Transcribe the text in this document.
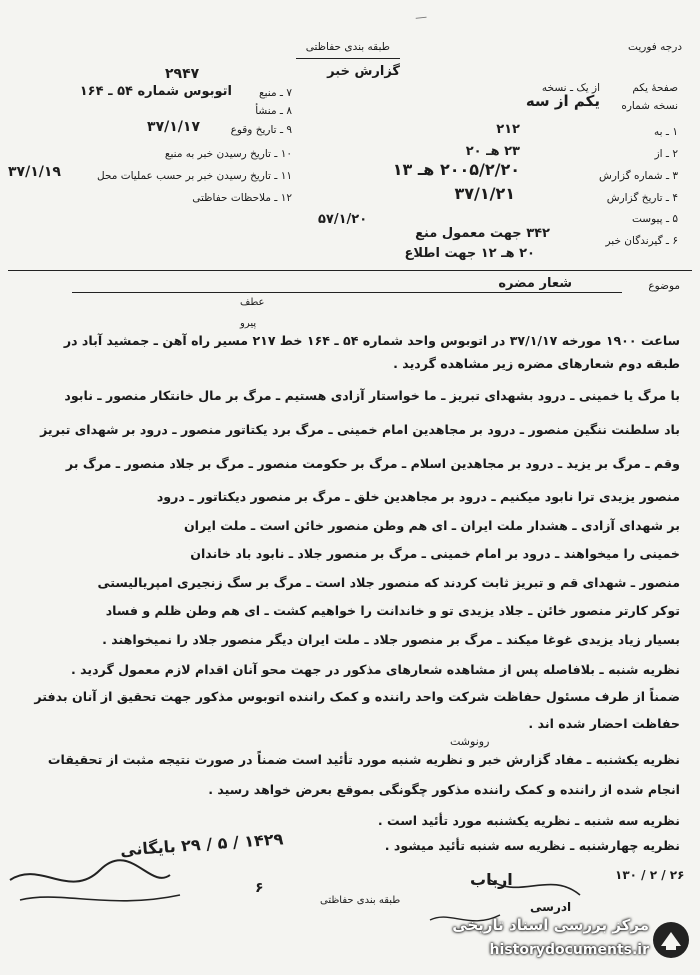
درجه فوریت
طبقه بندی حفاظتی
گزارش خبر
—
۲۹۴۷
۷ ـ منبع
اتوبوس شماره ۵۴ ـ ۱۶۴
۸ ـ منشأ
۹ ـ تاریخ وقوع
۳۷/۱/۱۷
۱۰ ـ تاریخ رسیدن خبر به منبع
۱۱ ـ تاریخ رسیدن خبر بر حسب عملیات محل
۳۷/۱/۱۹
۱۲ ـ ملاحظات حفاظتی
صفحهٔ یکم
از یک ـ نسخه
نسخه شماره
یکم از سه
۱ ـ به
۲۱۲
۲ ـ از
۲۳ هـ ۲۰
۳ ـ شماره گزارش
۲۰۰۵/۲/۲۰ هـ ۱۳
۴ ـ تاریخ گزارش
۳۷/۱/۲۱
۵ ـ پیوست
۶ ـ گیرندگان خبر
۳۴۲ جهت معمول منع
۲۰ هـ ۱۲ جهت اطلاع
۵۷/۱/۲۰
موضوع
شعار مضره
عطف
پیرو
ساعت ۱۹۰۰ مورخه ۳۷/۱/۱۷ در اتوبوس واحد شماره ۵۴ ـ ۱۶۴ خط ۲۱۷ مسیر راه آهن ـ جمشید آباد در
طبقه دوم شعارهای مضره زیر مشاهده گردید .
با مرگ یا خمینی ـ درود بشهدای تبریز ـ ما خواستار آزادی هستیم ـ مرگ بر مال خانتکار منصور ـ نابود
باد سلطنت ننگین منصور ـ درود بر مجاهدین امام خمینی ـ مرگ برد یکتاتور منصور ـ درود بر شهدای تبریز
وقم ـ مرگ بر یزید ـ درود بر مجاهدین اسلام ـ مرگ بر حکومت منصور ـ مرگ بر جلاد منصور ـ مرگ بر
منصور یزیدی ترا نابود میکنیم ـ درود بر مجاهدین خلق ـ مرگ بر منصور دیکتاتور ـ درود
بر شهدای آزادی ـ هشدار ملت ایران ـ ای هم وطن منصور خائن است ـ ملت ایران
خمینی را میخواهند ـ درود بر امام خمینی ـ مرگ بر منصور جلاد ـ نابود باد خاندان
منصور ـ شهدای قم و تبریز ثابت کردند که منصور جلاد است ـ مرگ بر سگ زنجیری امپریالیستی
توکر کارتر منصور خائن ـ جلاد یزیدی تو و خاندانت را خواهیم کشت ـ ای هم وطن ظلم و فساد
بسیار زیاد یزیدی غوغا میکند ـ مرگ بر منصور جلاد ـ ملت ایران دیگر منصور جلاد را نمیخواهند .
نظریه شنبه ـ بلافاصله پس از مشاهده شعارهای مذکور در جهت محو آنان اقدام لازم معمول گردید .
ضمناً از طرف مسئول حفاظت شرکت واحد راننده و کمک راننده اتوبوس مذکور جهت تحقیق از آنان بدفتر
حفاظت احضار شده اند .
رونوشت
نظریه یکشنبه ـ مفاد گزارش خبر و نظریه شنبه مورد تأئید است ضمناً در صورت نتیجه مثبت از تحقیقات
انجام شده از راننده و کمک راننده مذکور چگونگی بموقع بعرض خواهد رسید .
نظریه سه شنبه ـ نظریه یکشنبه مورد تأئید است .
نظریه چهارشنبه ـ نظریه سه شنبه تأئید میشود .
۱۴۲۹ / ۵ / ۲۹ بایگانی
۶
۱۳۰ / ۲ / ۲۶
ادرسی
ارباب
طبقه بندی حفاظتی
مرکز بررسی اسناد تاریخی
historydocuments.ir
